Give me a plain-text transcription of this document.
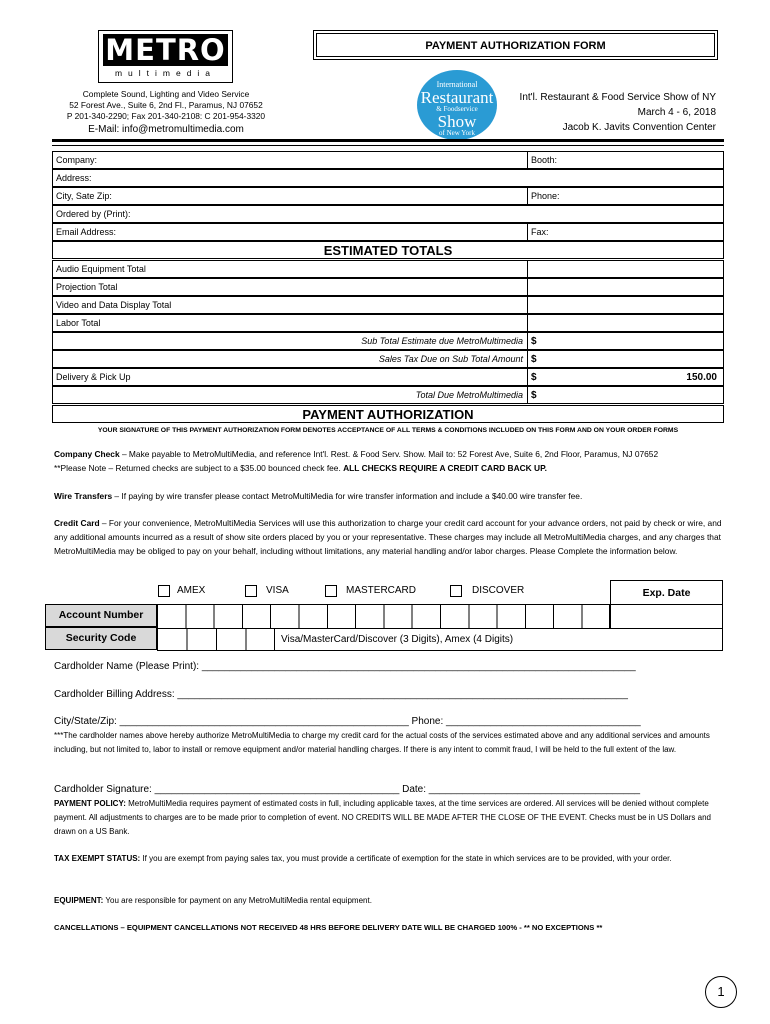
METRO
multimedia
Complete Sound, Lighting and Video Service
52 Forest Ave., Suite 6, 2nd Fl., Paramus, NJ 07652
P 201-340-2290; Fax 201-340-2108: C 201-954-3320
E-Mail: info@metromultimedia.com
PAYMENT AUTHORIZATION FORM
International
Restaurant
& Foodservice
Show
of New York
Int'l. Restaurant & Food Service Show of NY
March 4 - 6, 2018
Jacob K. Javits Convention Center
Company:	Booth:
Address:
City, Sate Zip:	Phone:
Ordered by (Print):
Email Address:	Fax:
ESTIMATED TOTALS
Audio Equipment Total
Projection Total
Video and Data Display Total
Labor Total
Sub Total Estimate due MetroMultimedia $
Sales Tax Due on Sub Total Amount $
Delivery & Pick Up	$	150.00
Total Due MetroMultimedia $
PAYMENT AUTHORIZATION
YOUR SIGNATURE OF THIS PAYMENT AUTHORIZATION FORM DENOTES ACCEPTANCE OF ALL TERMS & CONDITIONS INCLUDED ON THIS FORM AND ON YOUR ORDER FORMS
Company Check – Make payable to MetroMultiMedia, and reference Int'l. Rest. & Food Serv. Show. Mail to: 52 Forest Ave, Suite 6, 2nd Floor, Paramus, NJ 07652
**Please Note – Returned checks are subject to a $35.00 bounced check fee. ALL CHECKS REQUIRE A CREDIT CARD BACK UP.
Wire Transfers – If paying by wire transfer please contact MetroMultiMedia for wire transfer information and include a $40.00 wire transfer fee.
Credit Card – For your convenience, MetroMultiMedia Services will use this authorization to charge your credit card account for your advance orders, not paid by check or wire, and any additional amounts incurred as a result of show site orders placed by you or your representative. These charges may include all MetroMultiMedia charges, and any charges that MetroMultiMedia may be obliged to pay on your behalf, including without limitations, any material handling and/or labor charges. Please Complete the information below.
AMEX	VISA	MASTERCARD	DISCOVER	Exp. Date
Account Number
Security Code	Visa/MasterCard/Discover (3 Digits), Amex (4 Digits)
Cardholder Name (Please Print): ______________________________________________________________________________
Cardholder Billing Address: _________________________________________________________________________________
City/State/Zip: ____________________________________________________ Phone: ___________________________________
***The cardholder names above hereby authorize MetroMultiMedia to charge my credit card for the actual costs of the services estimated above and any additional services and amounts including, but not limited to, labor to install or remove equipment and/or material handling charges. If there is any intent to commit fraud, I will be held to the full extent of the law.
Cardholder Signature: ____________________________________________ Date: ______________________________________
PAYMENT POLICY: MetroMultiMedia requires payment of estimated costs in full, including applicable taxes, at the time services are ordered. All services will be denied without complete payment. All adjustments to charges are to be made prior to completion of event. NO CREDITS WILL BE MADE AFTER THE CLOSE OF THE EVENT. Checks must be in US Dollars and drawn on a US Bank.
TAX EXEMPT STATUS: If you are exempt from paying sales tax, you must provide a certificate of exemption for the state in which services are to be provided, with your order.
EQUIPMENT: You are responsible for payment on any MetroMultiMedia rental equipment.
CANCELLATIONS – EQUIPMENT CANCELLATIONS NOT RECEIVED 48 HRS BEFORE DELIVERY DATE WILL BE CHARGED 100% - ** NO EXCEPTIONS **
1
